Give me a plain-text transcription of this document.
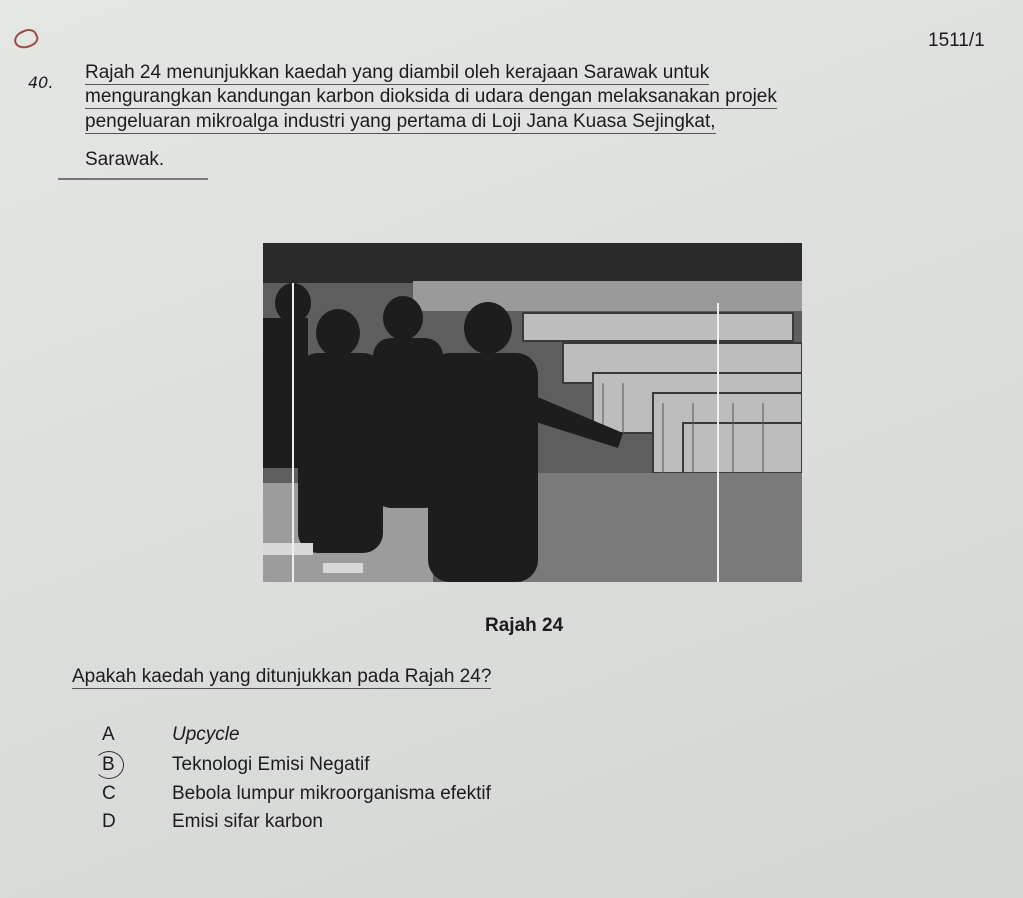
1511/1
40. Rajah 24 menunjukkan kaedah yang diambil oleh kerajaan Sarawak untuk
mengurangkan kandungan karbon dioksida di udara dengan melaksanakan projek
pengeluaran mikroalga industri yang pertama di Loji Jana Kuasa Sejingkat,
Sarawak.
Rajah 24
Apakah kaedah yang ditunjukkan pada Rajah 24?
A	Upcycle
B	Teknologi Emisi Negatif
C	Bebola lumpur mikroorganisma efektif
D	Emisi sifar karbon
